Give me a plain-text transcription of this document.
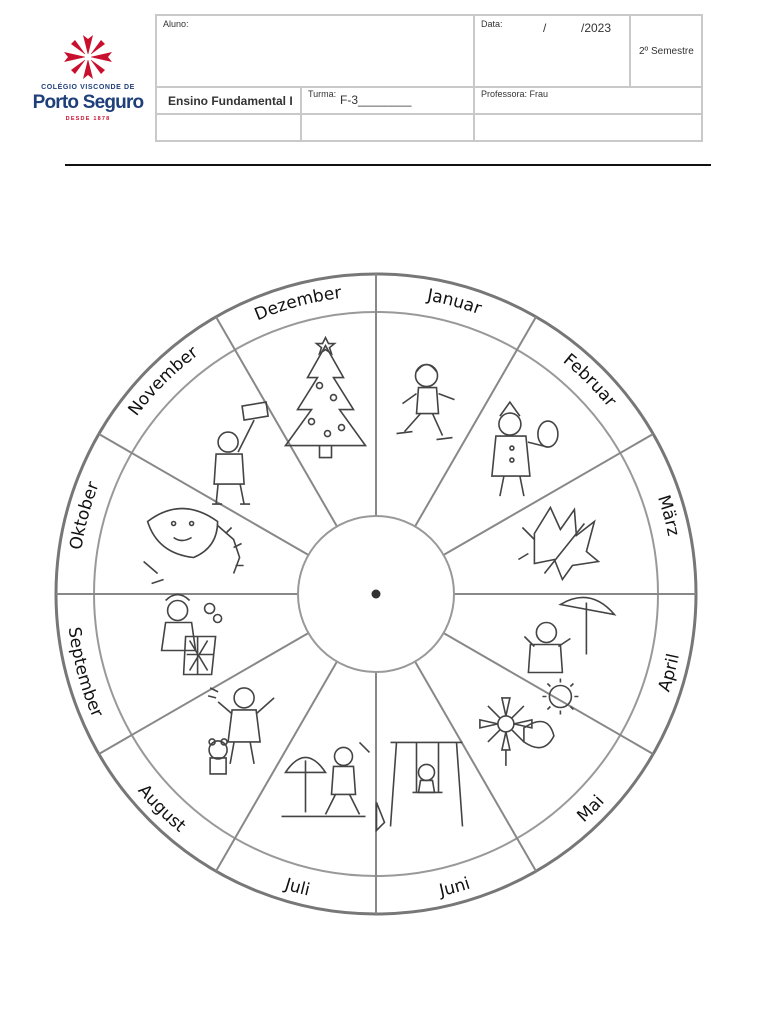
COLÉGIO VISCONDE DE
Porto Seguro
DESDE 1878
Aluno:		Data: / /2023	2º Semestre

Ensino Fundamental I	Turma: F-3________	Professora: Frau	

Januar
Februar
März
April
Mai
Juni
Juli
August
September
Oktober
November
Dezember
